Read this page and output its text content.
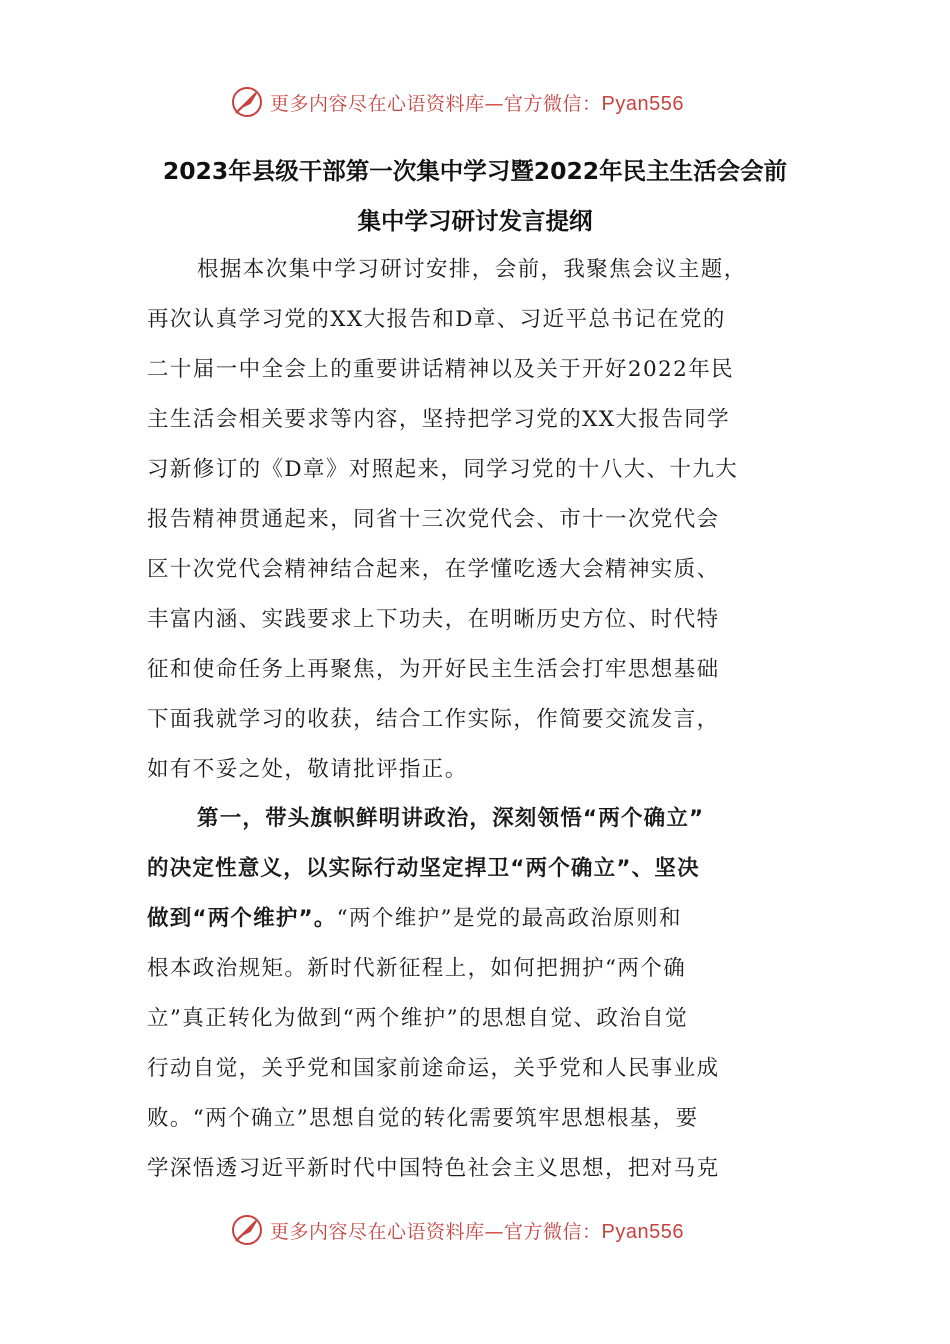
更多内容尽在心语资料库—官方微信：Pyan556
2023年县级干部第一次集中学习暨2022年民主生活会会前
集中学习研讨发言提纲
根据本次集中学习研讨安排，会前，我聚焦会议主题，
再次认真学习党的XX大报告和D章、习近平总书记在党的
二十届一中全会上的重要讲话精神以及关于开好2022年民
主生活会相关要求等内容，坚持把学习党的XX大报告同学
习新修订的《D章》对照起来，同学习党的十八大、十九大
报告精神贯通起来，同省十三次党代会、市十一次党代会
区十次党代会精神结合起来，在学懂吃透大会精神实质、
丰富内涵、实践要求上下功夫，在明晰历史方位、时代特
征和使命任务上再聚焦，为开好民主生活会打牢思想基础
下面我就学习的收获，结合工作实际，作简要交流发言，
如有不妥之处，敬请批评指正。
第一，带头旗帜鲜明讲政治，深刻领悟“两个确立”
的决定性意义，以实际行动坚定捍卫“两个确立”、坚决
做到“两个维护”。“两个维护”是党的最高政治原则和
根本政治规矩。新时代新征程上，如何把拥护“两个确
立”真正转化为做到“两个维护”的思想自觉、政治自觉
行动自觉，关乎党和国家前途命运，关乎党和人民事业成
败。“两个确立”思想自觉的转化需要筑牢思想根基，要
学深悟透习近平新时代中国特色社会主义思想，把对马克
更多内容尽在心语资料库—官方微信：Pyan556
